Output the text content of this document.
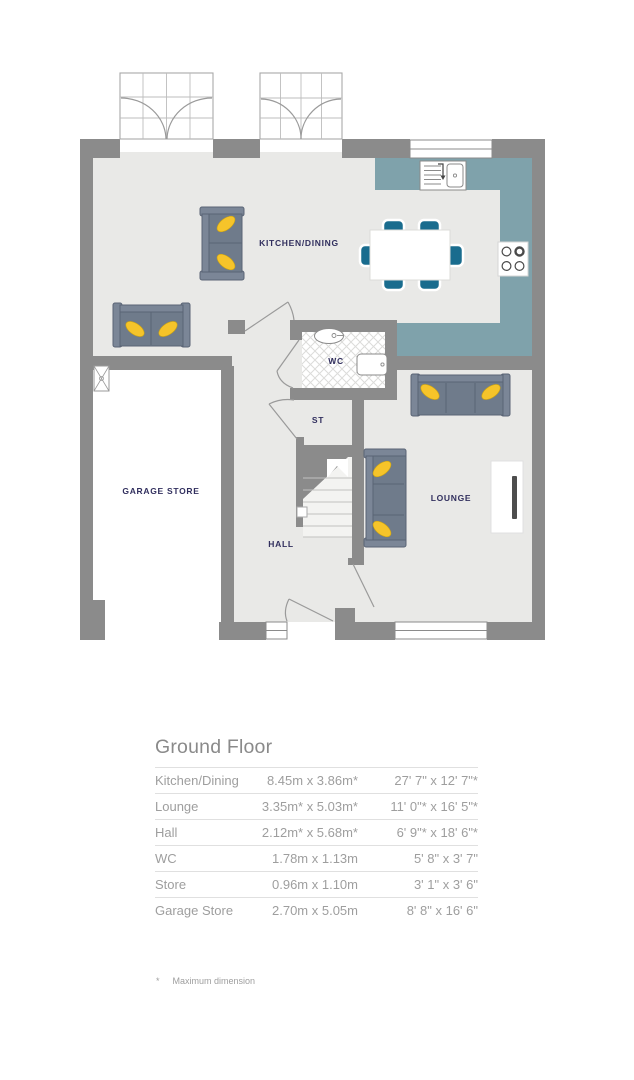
KITCHEN/DINING
WC
ST
HALL
LOUNGE
GARAGE STORE
Ground Floor
Kitchen/Dining	8.45m x 3.86m*	27' 7" x 12' 7"*
Lounge	3.35m* x 5.03m*	11' 0"* x 16' 5"*
Hall	2.12m* x 5.68m*	6' 9"* x 18' 6"*
WC	1.78m x 1.13m	5' 8" x 3' 7"
Store	0.96m x 1.10m	3' 1" x 3' 6"
Garage Store	2.70m x 5.05m	8' 8" x 16' 6"
* Maximum dimension
